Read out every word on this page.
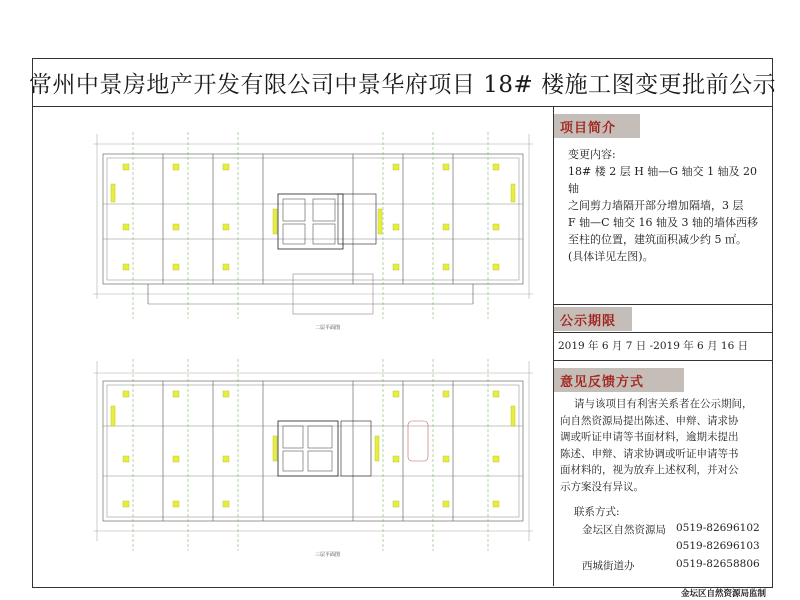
常州中景房地产开发有限公司中景华府项目 18# 楼施工图变更批前公示
二层平面图
三层平面图
项目简介
变更内容:
18# 楼 2 层 H 轴—G 轴交 1 轴及 20 轴
之间剪力墙隔开部分增加隔墙，3 层
F 轴—C 轴交 16 轴及 3 轴的墙体西移
至柱的位置，建筑面积减少约 5 ㎡。
(具体详见左图)。
公示期限
2019 年 6 月 7 日 -2019 年 6 月 16 日
意见反馈方式
请与该项目有利害关系者在公示期间，
向自然资源局提出陈述、申辩、请求协
调或听证申请等书面材料，逾期未提出
陈述、申辩、请求协调或听证申请等书
面材料的，视为放弃上述权利，并对公
示方案没有异议。
联系方式:
金坛区自然资源局 0519-82696102
0519-82696103
西城街道办	0519-82658806
金坛区自然资源局监制
